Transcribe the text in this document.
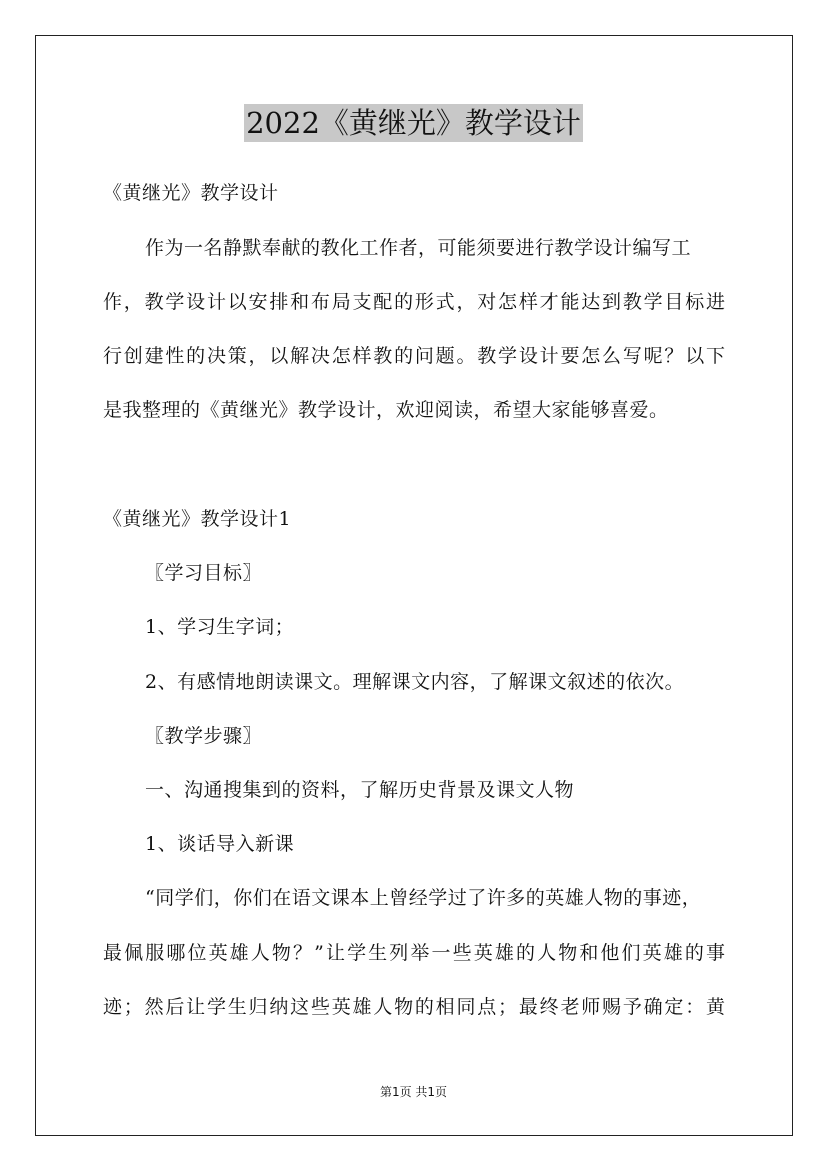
2022《黄继光》教学设计
《黄继光》教学设计
作为一名静默奉献的教化工作者，可能须要进行教学设计编写工
作，教学设计以安排和布局支配的形式，对怎样才能达到教学目标进
行创建性的决策，以解决怎样教的问题。教学设计要怎么写呢？以下
是我整理的《黄继光》教学设计，欢迎阅读，希望大家能够喜爱。
《黄继光》教学设计1
〖学习目标〗
1、学习生字词；
2、有感情地朗读课文。理解课文内容，了解课文叙述的依次。
〖教学步骤〗
一、沟通搜集到的资料，了解历史背景及课文人物
1、谈话导入新课
“同学们，你们在语文课本上曾经学过了许多的英雄人物的事迹，
最佩服哪位英雄人物？”让学生列举一些英雄的人物和他们英雄的事
迹；然后让学生归纳这些英雄人物的相同点；最终老师赐予确定：黄
第1页 共1页
